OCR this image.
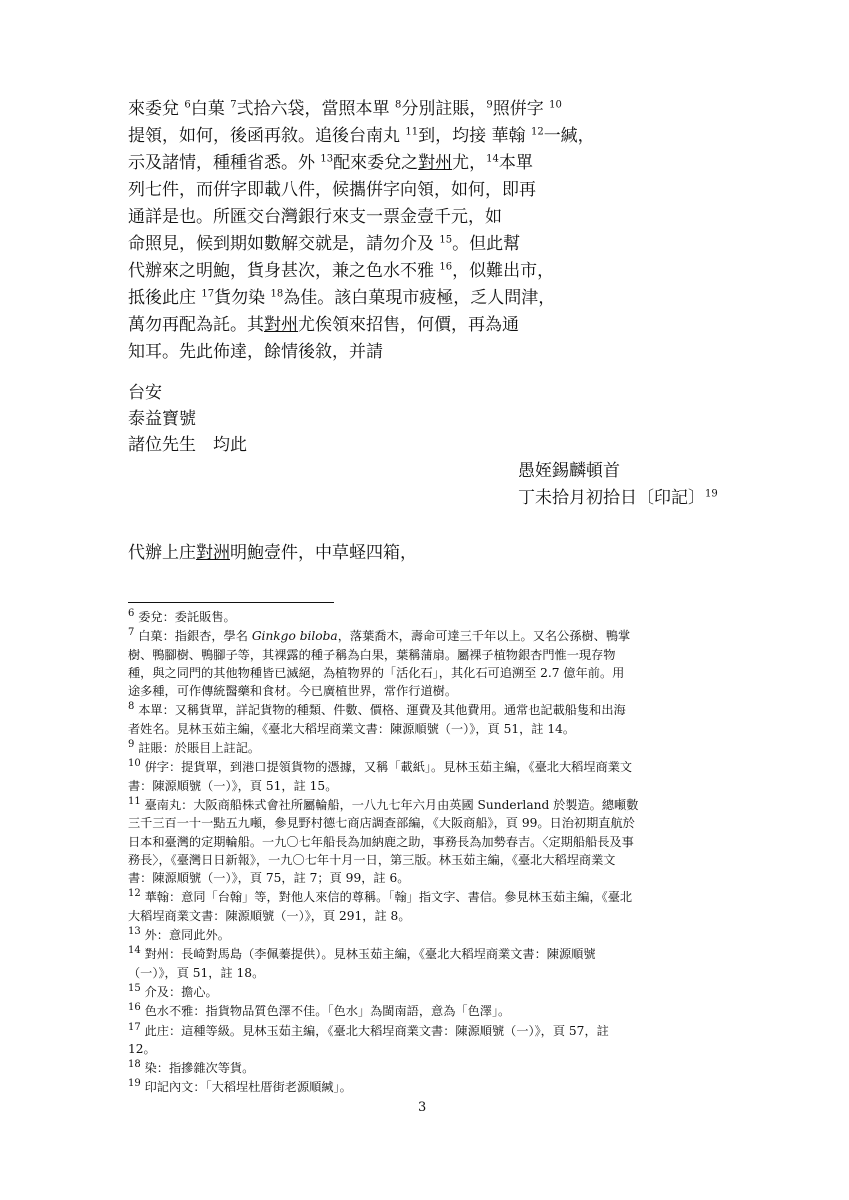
來委兌 $^6$白菓 $^7$弍拾六袋，當照本單 $^8$分別註賬，$^9$照倂字 $^{10}$
提領，如何，後函再敘。追後台南丸 $^{11}$到，均接 華翰 $^{12}$一緘，
示及諸情，種種省悉。外 $^{13}$配來委兌之對州尤，$^{14}$本單
列七件，而倂字即載八件，候攜倂字向領，如何，即再
通詳是也。所匯交台灣銀行來支一票金壹千元，如
命照見，候到期如數解交就是，請勿介及 $^{15}$。但此幫
代辦來之明鮑，貨身甚次，兼之色水不雅 $^{16}$，似難出市，
抵後此庄 $^{17}$貨勿染 $^{18}$為佳。該白菓現市疲極，乏人問津，
萬勿再配為託。其對州尤俟領來招售，何價，再為通
知耳。先此佈達，餘情後敘，并請
台安
泰益寶號
諸位先生　均此
愚姪錫麟頓首
丁未拾月初拾日〔印記〕$^{19}$
代辦上庄對洲明鮑壹件，中草蛏四箱，
$^6$ 委兌：委託販售。
$^7$ 白菓：指銀杏，學名 Ginkgo biloba，落葉喬木，壽命可達三千年以上。又名公孫樹、鴨掌
樹、鴨腳樹、鴨腳子等，其裸露的種子稱為白果，葉稱蒲扇。屬裸子植物銀杏門惟一現存物
種，與之同門的其他物種皆已滅絕，為植物界的「活化石」，其化石可追溯至 2.7 億年前。用
途多種，可作傳統醫藥和食材。今已廣植世界，常作行道樹。
$^8$ 本單：又稱貨單，詳記貨物的種類、件數、價格、運費及其他費用。通常也記載船隻和出海
者姓名。見林玉茹主編，《臺北大稻埕商業文書：陳源順號（一）》，頁 51，註 14。
$^9$ 註賬：於賬目上註記。
$^{10}$ 倂字：提貨單，到港口提領貨物的憑據，又稱「載紙」。見林玉茹主編，《臺北大稻埕商業文
書：陳源順號（一）》，頁 51，註 15。
$^{11}$ 臺南丸：大阪商船株式會社所屬輪船，一八九七年六月由英國 Sunderland 於製造。總噸數
三千三百一十一點五九噸，參見野村德七商店調查部編，《大阪商船》，頁 99。日治初期直航於
日本和臺灣的定期輪船。一九〇七年船長為加納鹿之助，事務長為加勢春吉。〈定期船船長及事
務長〉，《臺灣日日新報》，一九〇七年十月一日，第三版。林玉茹主編，《臺北大稻埕商業文
書：陳源順號（一）》，頁 75，註 7；頁 99，註 6。
$^{12}$ 華翰：意同「台翰」等，對他人來信的尊稱。「翰」指文字、書信。參見林玉茹主編，《臺北
大稻埕商業文書：陳源順號（一）》，頁 291，註 8。
$^{13}$ 外：意同此外。
$^{14}$ 對州：長崎對馬島（李佩蓁提供）。見林玉茹主編，《臺北大稻埕商業文書：陳源順號
（一）》，頁 51，註 18。
$^{15}$ 介及：擔心。
$^{16}$ 色水不雅：指貨物品質色澤不佳。「色水」為閩南語，意為「色澤」。
$^{17}$ 此庄：這種等級。見林玉茹主編，《臺北大稻埕商業文書：陳源順號（一）》，頁 57，註
12。
$^{18}$ 染：指摻雜次等貨。
$^{19}$ 印記內文：「大稻埕杜厝街老源順緘」。
3
